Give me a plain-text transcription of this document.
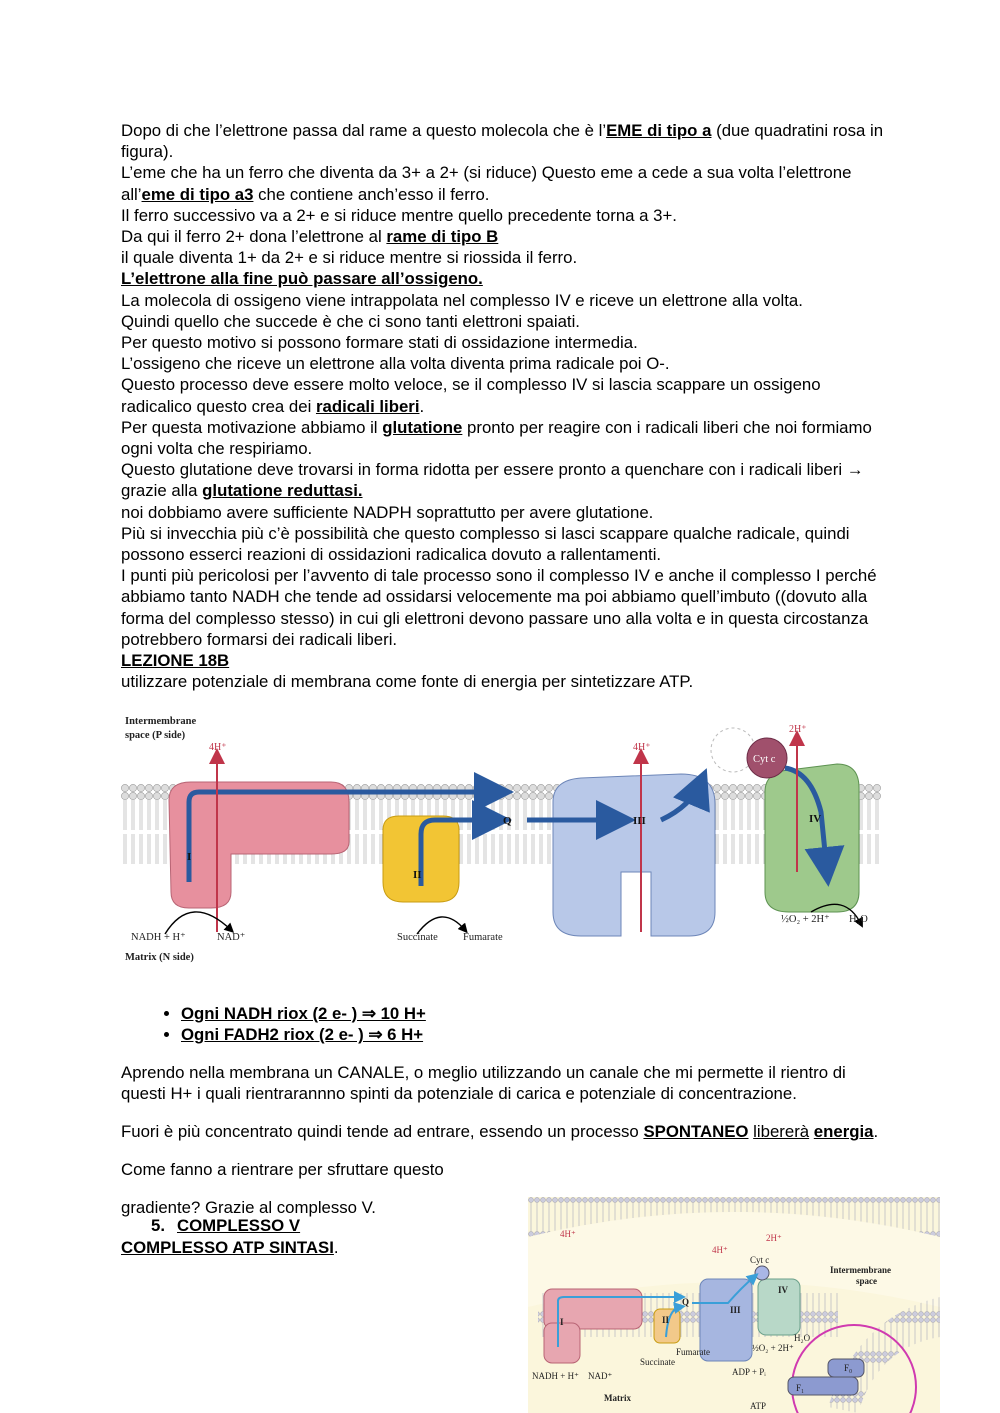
Dopo di che l’elettrone passa dal rame a questo molecola che è l’EME di tipo a (due quadratini rosa in figura).

L’eme che ha un ferro che diventa da 3+ a 2+ (si riduce) Questo eme a cede a sua volta l’elettrone all’eme di tipo a3 che contiene anch’esso il ferro.

Il ferro successivo va a 2+ e si riduce mentre quello precedente torna a 3+.

Da qui il ferro 2+ dona l’elettrone al rame di tipo B

il quale diventa 1+ da 2+ e si riduce mentre si riossida il ferro.

L’elettrone alla fine può passare all’ossigeno.

La molecola di ossigeno viene intrappolata nel complesso IV e riceve un elettrone alla volta.

Quindi quello che succede è che ci sono tanti elettroni spaiati.

Per questo motivo si possono formare stati di ossidazione intermedia.

L’ossigeno che riceve un elettrone alla volta diventa prima radicale poi O-.

Questo processo deve essere molto veloce, se il complesso IV si lascia scappare un ossigeno radicalico questo crea dei radicali liberi.

Per questa motivazione abbiamo il glutatione pronto per reagire con i radicali liberi che noi formiamo ogni volta che respiriamo.

Questo glutatione deve trovarsi in forma ridotta per essere pronto a quenchare con i radicali liberi → grazie alla glutatione reduttasi.

noi dobbiamo avere sufficiente NADPH soprattutto per avere glutatione.

Più si invecchia più c’è possibilità che questo complesso si lasci scappare qualche radicale, quindi possono esserci reazioni di ossidazioni radicalica dovuto a rallentamenti.

I punti più pericolosi per l’avvento di tale processo sono il complesso IV e anche il complesso I perché abbiamo tanto NADH che tende ad ossidarsi velocemente ma poi abbiamo quell’imbuto ((dovuto alla forma del complesso stesso) in cui gli elettroni devono passare uno alla volta e in questa circostanza potrebbero formarsi dei radicali liberi.

LEZIONE 18B

utilizzare potenziale di membrana come fonte di energia per sintetizzare ATP.

Intermembrane
space (P side)
Matrix (N side)
4H⁺	4H⁺
2H⁺
I
II
III	IV
Q
Cyt c
NADH + H⁺	NAD⁺	Succinate Fumarate
½O₂ + 2H⁺ H₂O
• Ogni NADH riox (2 e- ) ⇒ 10 H+
• Ogni FADH2 riox (2 e- ) ⇒ 6 H+

Aprendo nella membrana un CANALE, o meglio utilizzando un canale che mi permette il rientro di questi H+ i quali rientrarannno spinti da potenziale di carica e potenziale di concentrazione.

Fuori è più concentrato quindi tende ad entrare, essendo un processo SPONTANEO libererà energia.

Come fanno a rientrare per sfruttare questo

gradiente? Grazie al complesso V.

5. COMPLESSO V
COMPLESSO ATP SINTASI.
4H⁺
4H⁺
2H⁺
Cyt c
Intermembrane
space
I	II
III
IV
Q
Fumarate
Succinate
NADH + H⁺ NAD⁺
Matrix
½O₂ + 2H⁺
H₂O
ADP + Pᵢ
ATP
F₀
F₁
